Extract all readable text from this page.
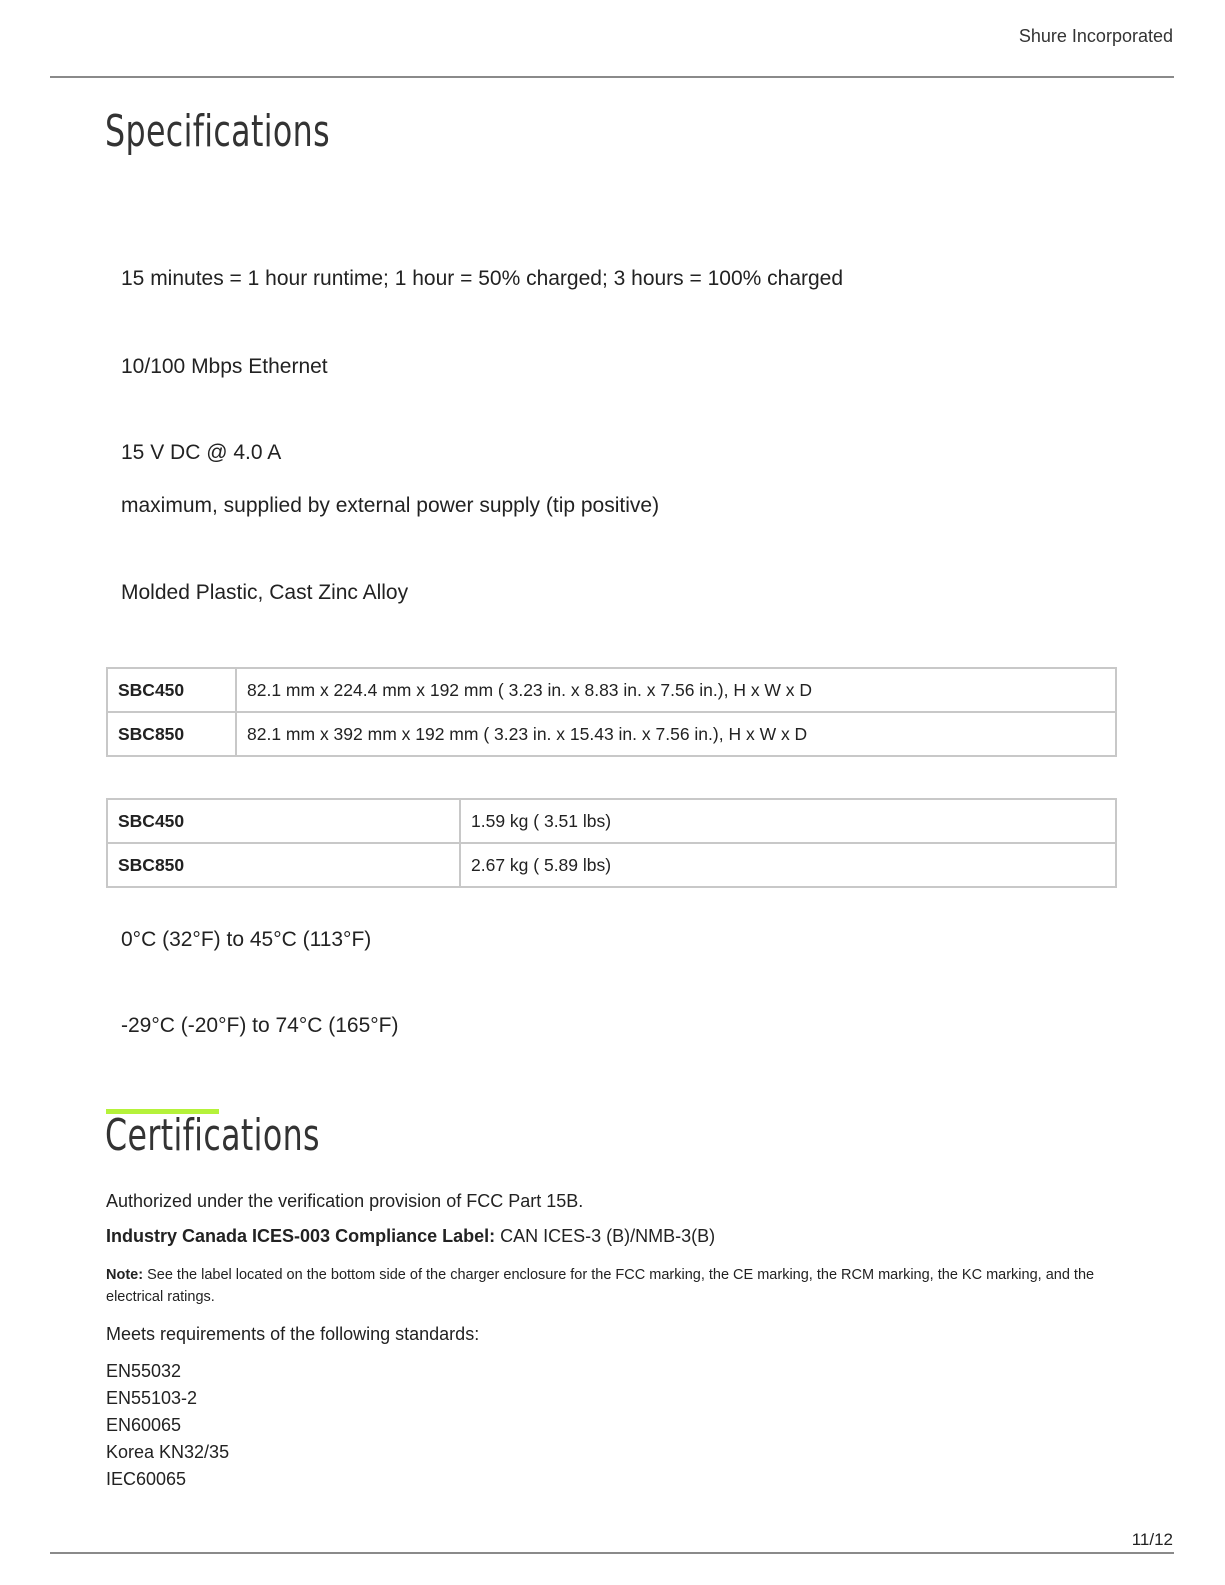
Shure Incorporated
Specifications
15 minutes = 1 hour runtime; 1 hour = 50% charged; 3 hours = 100% charged
10/100 Mbps Ethernet
15 V DC @ 4.0 A
maximum, supplied by external power supply (tip positive)
Molded Plastic, Cast Zinc Alloy
SBC450	82.1 mm x 224.4 mm x 192 mm ( 3.23 in. x 8.83 in. x 7.56 in.), H x W x D
SBC850	82.1 mm x 392 mm x 192 mm ( 3.23 in. x 15.43 in. x 7.56 in.), H x W x D
SBC450	1.59 kg ( 3.51 lbs)
SBC850	2.67 kg ( 5.89 lbs)
0°C (32°F) to 45°C (113°F)
-29°C (-20°F) to 74°C (165°F)
Certifications
Authorized under the verification provision of FCC Part 15B.
Industry Canada ICES-003 Compliance Label: CAN ICES-3 (B)/NMB-3(B)
Note: See the label located on the bottom side of the charger enclosure for the FCC marking, the CE marking, the RCM marking, the KC marking, and the electrical ratings.
Meets requirements of the following standards:
EN55032
EN55103-2
EN60065
Korea KN32/35
IEC60065
11/12
